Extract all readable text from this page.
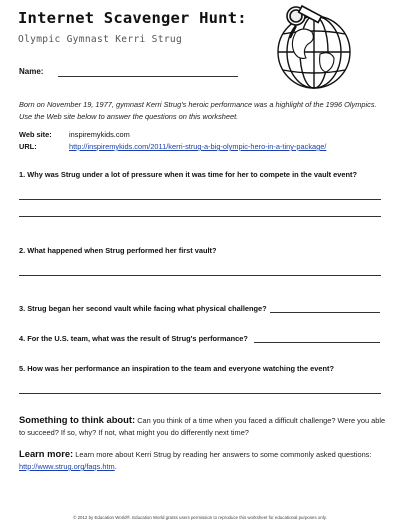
Internet Scavenger Hunt:
Olympic Gymnast Kerri Strug
Name:
Born on November 19, 1977, gymnast Kerri Strug's heroic performance was a highlight of the 1996 Olympics. Use the Web site below to answer the questions on this worksheet.
Web site: inspiremykids.com
URL:	http://inspiremykids.com/2011/kerri-strug-a-big-olympic-hero-in-a-tiny-package/
1. Why was Strug under a lot of pressure when it was time for her to compete in the vault event?
2. What happened when Strug performed her first vault?
3. Strug began her second vault while facing what physical challenge?
4. For the U.S. team, what was the result of Strug's performance?
5. How was her performance an inspiration to the team and everyone watching the event?
Something to think about: Can you think of a time when you faced a difficult challenge? Were you able to succeed? If so, why? If not, what might you do differently next time?
Learn more: Learn more about Kerri Strug by reading her answers to some commonly asked questions: http://www.strug.org/faqs.htm.
© 2012 by Education World®. Education World grants users permission to reproduce this worksheet for educational purposes only.
